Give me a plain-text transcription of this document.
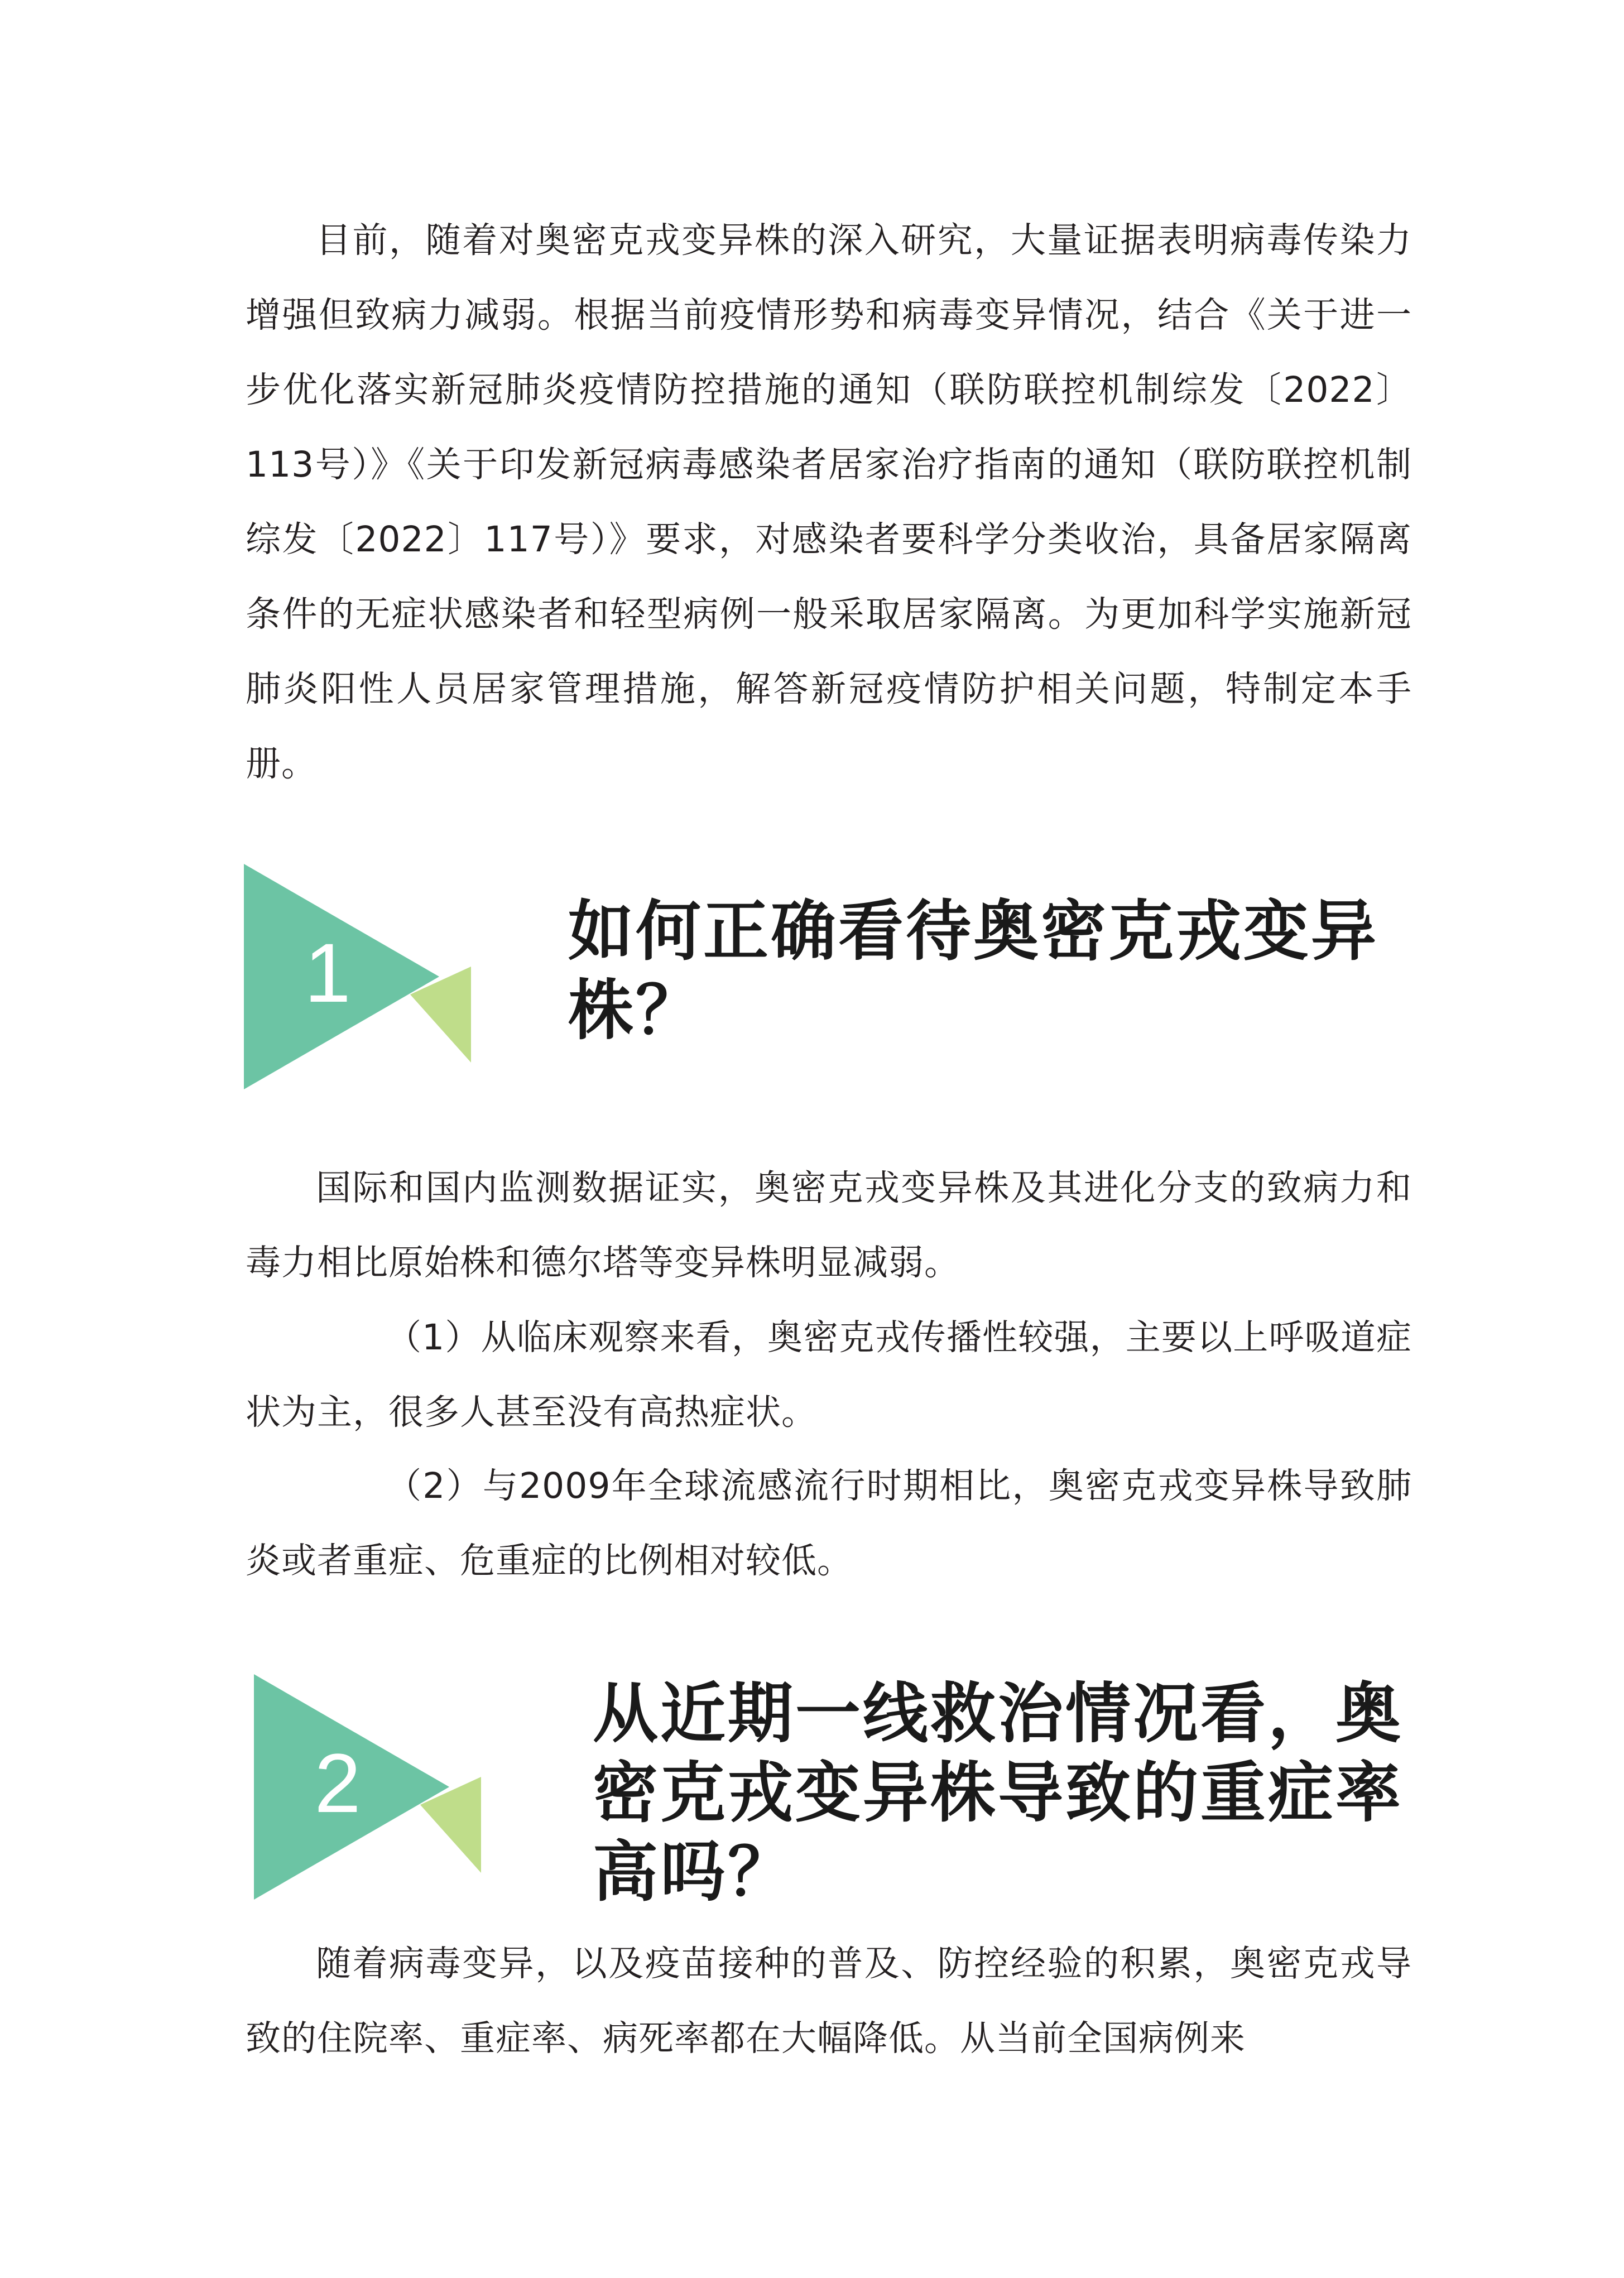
目前，随着对奥密克戎变异株的深入研究，大量证据表明病毒传染力增强但致病力减弱。根据当前疫情形势和病毒变异情况，结合《关于进一步优化落实新冠肺炎疫情防控措施的通知（联防联控机制综发〔2022〕113号）》《关于印发新冠病毒感染者居家治疗指南的通知（联防联控机制综发〔2022〕117号）》要求，对感染者要科学分类收治，具备居家隔离条件的无症状感染者和轻型病例一般采取居家隔离。为更加科学实施新冠肺炎阳性人员居家管理措施，解答新冠疫情防护相关问题，特制定本手册。

1	如何正确看待奥密克戎变异株？

国际和国内监测数据证实，奥密克戎变异株及其进化分支的致病力和毒力相比原始株和德尔塔等变异株明显减弱。

（1）从临床观察来看，奥密克戎传播性较强，主要以上呼吸道症状为主，很多人甚至没有高热症状。

（2）与2009年全球流感流行时期相比，奥密克戎变异株导致肺炎或者重症、危重症的比例相对较低。

2
从近期一线救治情况看，奥密克戎变异株导致的重症率高吗？

随着病毒变异，以及疫苗接种的普及、防控经验的积累，奥密克戎导致的住院率、重症率、病死率都在大幅降低。从当前全国病例来
